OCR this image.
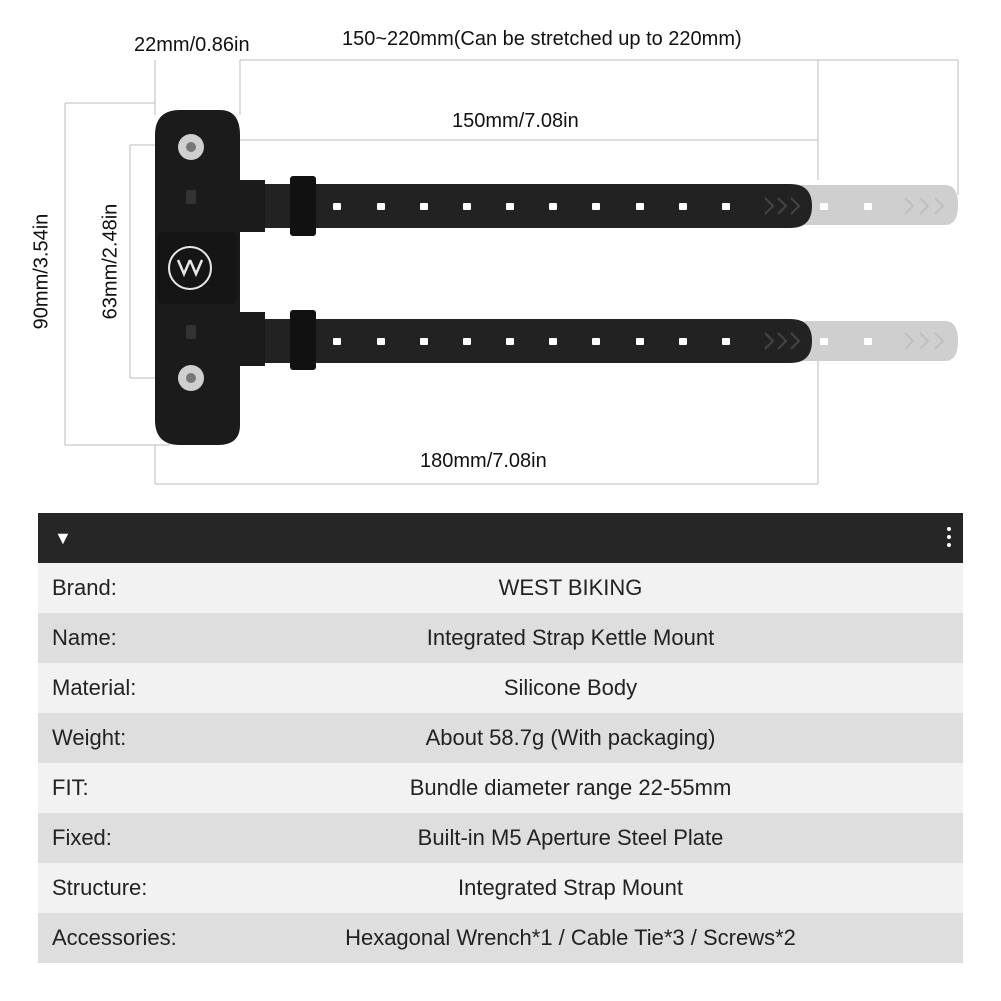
22mm/0.86in	150~220mm(Can be stretched up to 220mm)
150mm/7.08in
180mm/7.08in
90mm/3.54in 63mm/2.48in
▼
Brand:	WEST BIKING
Name:	Integrated Strap Kettle Mount
Material:	Silicone Body
Weight:	About 58.7g (With packaging)
FIT:	Bundle diameter range 22-55mm
Fixed:	Built-in M5 Aperture Steel Plate
Structure:	Integrated Strap Mount
Accessories:	Hexagonal Wrench*1 / Cable Tie*3 / Screws*2
